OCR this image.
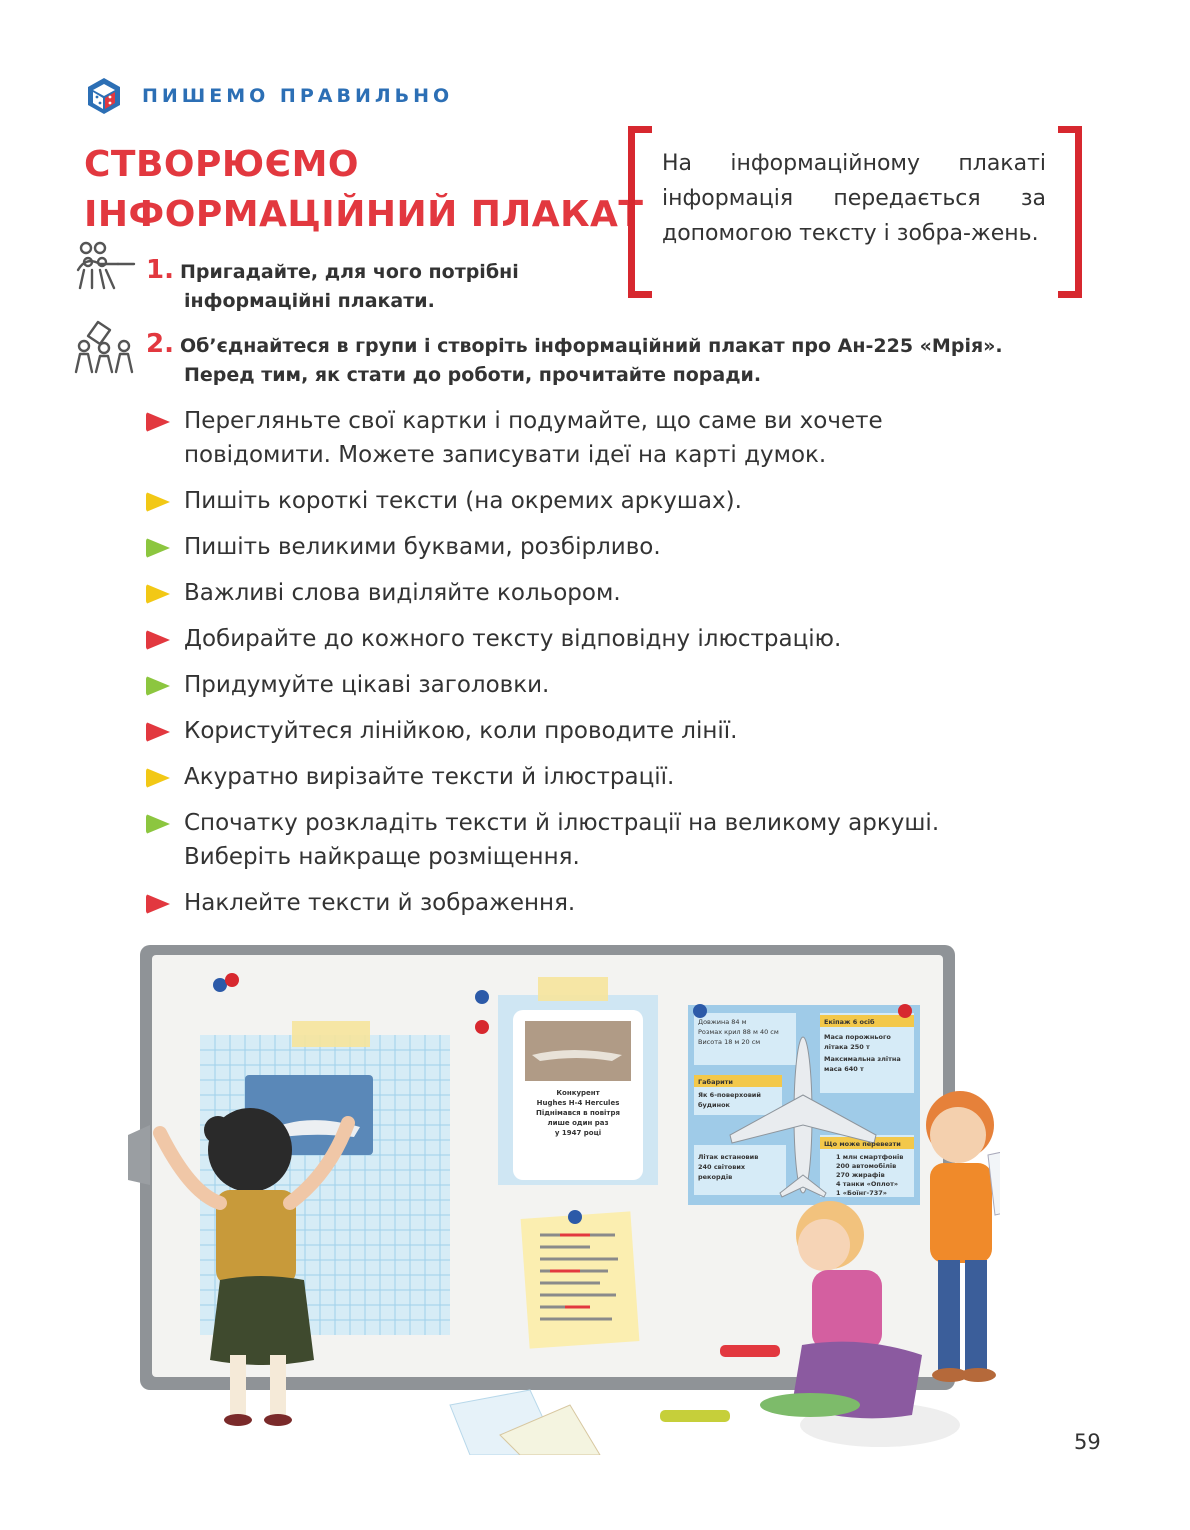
ПИШЕМО ПРАВИЛЬНО
СТВОРЮЄМО
ІНФОРМАЦІЙНИЙ ПЛАКАТ
На інформаційному плакаті інформація передається за допомогою тексту і зобра-жень.
1. Пригадайте, для чого потрібні
інформаційні плакати.
2. Об’єднайтеся в групи і створіть інформаційний плакат про Ан-225 «Мрія».
Перед тим, як стати до роботи, прочитайте поради.
Перегляньте свої картки і подумайте, що саме ви хочете повідомити. Можете записувати ідеї на карті думок.
Пишіть короткі тексти (на окремих аркушах).
Пишіть великими буквами, розбірливо.
Важливі слова виділяйте кольором.
Добирайте до кожного тексту відповідну ілюстрацію.
Придумуйте цікаві заголовки.
Користуйтеся лінійкою, коли проводите лінії.
Акуратно вирізайте тексти й ілюстрації.
Спочатку розкладіть тексти й ілюстрації на великому аркуші. Виберіть найкраще розміщення.
Наклейте тексти й зображення.
Конкурент
Hughes H-4 Hercules
Піднімався в повітря
лише один раз
у 1947 році
Довжина 84 м
Розмах крил 88 м 40 см
Висота 18 м 20 см
Габарити
Як 6-поверховий
будинок
Екіпаж 6 осіб
Маса порожнього
літака 250 т
Максимальна злітна
маса 640 т
Літак встановив
240 світових
рекордів
Що може перевезти
1 млн смартфонів
200 автомобілів
270 жирафів
4 танки «Оплот»
1 «Боїнг-737»
59
